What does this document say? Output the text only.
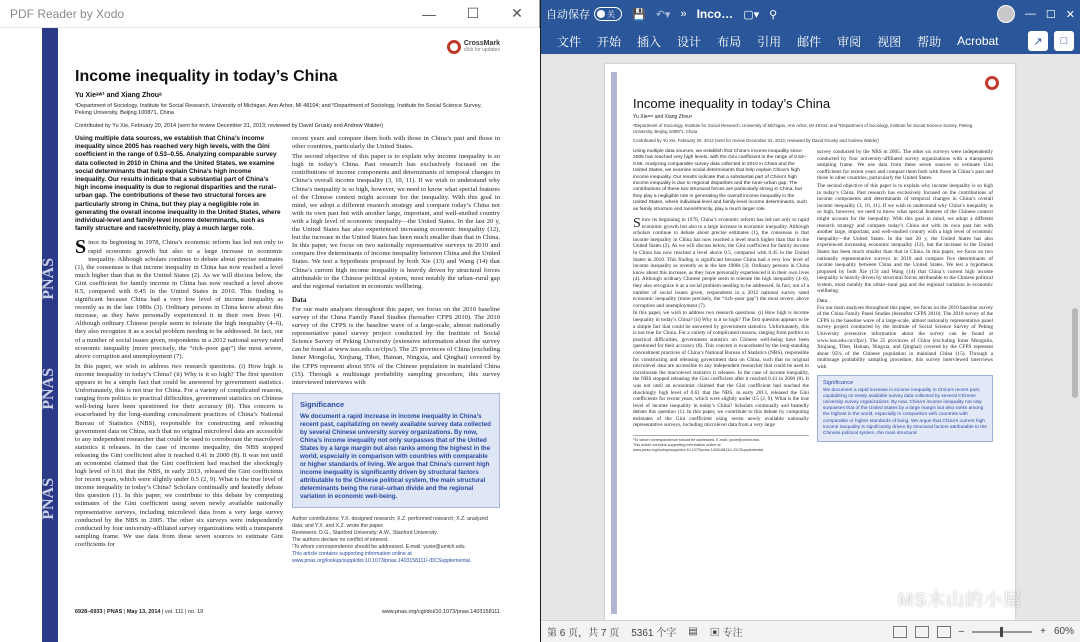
PDF Reader by Xodo	—	☐	✕
PNAS
PNAS
PNAS
CrossMark
click for updates
Income inequality in today’s China
Yu Xieᵃʷ¹ and Xiang Zhouᵃ
ᵃDepartment of Sociology, Institute for Social Research, University of Michigan, Ann Arbor, MI 48104; and ᵇDepartment of Sociology, Institute for Social Science Survey, Peking University, Beijing 100871, China
Contributed by Yu Xie, February 20, 2014 (sent for review December 31, 2013; reviewed by David Grusky and Andrew Walder)
Using multiple data sources, we establish that China’s income inequality since 2005 has reached very high levels, with the Gini coefficient in the range of 0.53–0.55. Analyzing comparable survey data collected in 2010 in China and the United States, we examine social determinants that help explain China’s high income inequality. Our results indicate that a substantial part of China’s high income inequality is due to regional disparities and the rural–urban gap. The contributions of these two structural forces are particularly strong in China, but they play a negligible role in generating the overall income inequality in the United States, where individual-level and family-level income determinants, such as family structure and race/ethnicity, play a much larger role.
Since its beginning in 1978, China’s economic reform has led not only to rapid economic growth but also to a large increase in economic inequality. Although scholars continue to debate about precise estimates (1), the consensus is that income inequality in China has now reached a level much higher than that in the United States (2). As we will discuss below, the Gini coefficient for family income in China has now reached a level above 0.5, compared with 0.45 in the United States in 2010. This finding is significant because China had a very low level of income inequality as recently as in the late 1980s (3). Ordinary persons in China know about this increase, as they have personally experienced it in their own lives (4). Although ordinary Chinese people seem to tolerate the high inequality (4–6), they also recognize it as a social problem needing to be addressed. In fact, out of a number of social issues given, respondents in a 2012 national survey rated economic inequality (more precisely, the “rich–poor gap”) the most severe, above corruption and unemployment (7).
In this paper, we wish to address two research questions. (i) How high is income inequality in today’s China? (ii) Why is it so high? The first question appears to be a simple fact that could be answered by government statistics. Unfortunately, this is not true for China. For a variety of complicated reasons, ranging from politics to practical difficulties, government statistics on Chinese well-being have been questioned for their accuracy (8). This concern is exacerbated by the long-standing concealment practices of China’s National Bureau of Statistics (NBS), responsible for constructing and releasing government data on China, such that no original microlevel data are accessible to any independent researcher that could be used to corroborate the macrolevel statistics it releases. In the case of income inequality, the NBS stopped releasing the Gini coefficient after it reached 0.41 in 2000 (8). It was not until an economist claimed that the Gini coefficient had reached the shockingly high level of 0.61 that the NBS, in early 2013, released the Gini coefficients for recent years, which were slightly under 0.5 (2, 9). What is the true level of income inequality in today’s China? Scholars continually and heatedly debate this question (1). In this paper, we contribute to this debate by computing estimates of the Gini coefficient using seven newly available nationally representative surveys, including microlevel data from a very large survey conducted by the NBS in 2005. The other six surveys were independently conducted by four university-affiliated survey organizations with a transparent sampling frame. We use data from these seven sources to estimate Gini coefficients for
recent years and compare them both with those in China’s past and those in other countries, particularly the United States.
The second objective of this paper is to explain why income inequality is so high in today’s China. Past research has exclusively focused on the contributions of income components and determinants of temporal changes in China’s overall income inequality (3, 10, 11). If we wish to understand why China’s inequality is so high, however, we need to know what special features of the Chinese context might account for the inequality. With this goal in mind, we adopt a different research strategy and compare today’s China not with its own past but with another large, important, and well-studied country with a high level of economic inequality—the United States. In the last 20 y, the United States has also experienced increasing economic inequality (12), but the increase in the United States has been much smaller than that in China. In this paper, we focus on two nationally representative surveys in 2010 and compare five determinants of income inequality between China and the United States. We test a hypothesis proposed by both Xie (13) and Wang (14) that China’s current high income inequality is heavily driven by structural forces attributable to the Chinese political system, most notably the urban–rural gap and the regional variation in economic wellbeing.
Data
For our main analyses throughout this paper, we focus on the 2010 baseline survey of the China Family Panel Studies (hereafter CFPS 2010). The 2010 survey of the CFPS is the baseline wave of a large-scale, almost nationally representative panel survey project conducted by the Institute of Social Science Survey of Peking University (extensive information about the survey can be found at www.isss.edu.cn/cfps/). The 25 provinces of China (excluding Inner Mongolia, Xinjiang, Tibet, Hainan, Ningxia, and Qinghai) covered by the CFPS represent about 95% of the Chinese population in mainland China (15). Through a multistage probability sampling procedure, this survey interviewed interviews with
Significance
We document a rapid increase in income inequality in China’s recent past, capitalizing on newly available survey data collected by several Chinese university survey organizations. By now, China’s income inequality not only surpasses that of the United States by a large margin but also ranks among the highest in the world, especially in comparison with countries with comparable or higher standards of living. We argue that China’s current high income inequality is significantly driven by structural factors attributable to the Chinese political system, the main structural determinants being the rural–urban divide and the regional variation in economic well-being.
Author contributions: Y.X. designed research; X.Z. performed research; X.Z. analyzed data; and Y.X. and X.Z. wrote the paper.
Reviewers: D.G., Stanford University; A.W., Stanford University.
The authors declare no conflict of interest.
¹To whom correspondence should be addressed. E-mail: yuxie@umich.edu.
This article contains supporting information online at www.pnas.org/lookup/suppl/doi:10.1073/pnas.1403158111/-/DCSupplemental.
6928–6933 | PNAS | May 13, 2014 | vol. 111 | no. 19	www.pnas.org/cgi/doi/10.1073/pnas.1403158111
自动保存 关	💾 ↶▾ » Inco… ▢▾ ⚲	— ☐ ✕
文件	开始	插入	设计	布局	引用	邮件	审阅	视图	帮助	Acrobat	↗	□
Income inequality in today’s China
Yu Xieᵃʷ¹ and Xiang Zhouᵃ
ᵃDepartment of Sociology, Institute for Social Research, University of Michigan, Ann Arbor, MI 48104; and ᵇDepartment of Sociology, Institute for Social Science Survey, Peking University, Beijing 100871, China
Contributed by Yu Xie, February 20, 2014 (sent for review December 31, 2013; reviewed by David Grusky and Andrew Walder)
Using multiple data sources, we establish that China’s income inequality since 2005 has reached very high levels, with the Gini coefficient in the range of 0.53–0.55. Analyzing comparable survey data collected in 2010 in China and the United States, we examine social determinants that help explain China’s high income inequality. Our results indicate that a substantial part of China’s high income inequality is due to regional disparities and the rural–urban gap. The contributions of these two structural forces are particularly strong in China, but they play a negligible role in generating the overall income inequality in the United States, where individual-level and family-level income determinants, such as family structure and race/ethnicity, play a much larger role.
Since its beginning in 1978, China’s economic reform has led not only to rapid economic growth but also to a large increase in economic inequality. Although scholars continue to debate about precise estimates (1), the consensus is that income inequality in China has now reached a level much higher than that in the United States (2). As we will discuss below, the Gini coefficient for family income in China has now reached a level above 0.5, compared with 0.45 in the United States in 2010. This finding is significant because China had a very low level of income inequality as recently as in the late 1980s (3). Ordinary persons in China know about this increase, as they have personally experienced it in their own lives (4). Although ordinary Chinese people seem to tolerate the high inequality (4–6), they also recognize it as a social problem needing to be addressed. In fact, out of a number of social issues given, respondents in a 2012 national survey rated economic inequality (more precisely, the “rich–poor gap”) the most severe, above corruption and unemployment (7).
In this paper, we wish to address two research questions. (i) How high is income inequality in today’s China? (ii) Why is it so high? The first question appears to be a simple fact that could be answered by government statistics. Unfortunately, this is not true for China. For a variety of complicated reasons, ranging from politics to practical difficulties, government statistics on Chinese well-being have been questioned for their accuracy (8). This concern is exacerbated by the long-standing concealment practices of China’s National Bureau of Statistics (NBS), responsible for constructing and releasing government data on China, such that no original microlevel data are accessible to any independent researcher that could be used to corroborate the macrolevel statistics it releases. In the case of income inequality, the NBS stopped releasing the Gini coefficient after it reached 0.41 in 2000 (8). It was not until an economist claimed that the Gini coefficient had reached the shockingly high level of 0.61 that the NBS, in early 2013, released the Gini coefficients for recent years, which were slightly under 0.5 (2, 9). What is the true level of income inequality in today’s China? Scholars continually and heatedly debate this question (1). In this paper, we contribute to this debate by computing estimates of the Gini coefficient using seven newly available nationally representative surveys, including microlevel data from a very large
¹To whom correspondence should be addressed. E-mail: yuxie@umich.edu.
This article contains supporting information online at www.pnas.org/lookup/suppl/doi:10.1073/pnas.1403158111/-/DCSupplemental.
survey conducted by the NBS in 2005. The other six surveys were independently conducted by four university-affiliated survey organizations with a transparent sampling frame. We use data from these seven sources to estimate Gini coefficients for recent years and compare them both with those in China’s past and those in other countries, particularly the United States.
The second objective of this paper is to explain why income inequality is so high in today’s China. Past research has exclusively focused on the contributions of income components and determinants of temporal changes in China’s overall income inequality (3, 10, 11). If we wish to understand why China’s inequality is so high, however, we need to know what special features of the Chinese context might account for the inequality. With this goal in mind, we adopt a different research strategy and compare today’s China not with its own past but with another large, important, and well-studied country with a high level of economic inequality—the United States. In the last 20 y, the United States has also experienced increasing economic inequality (12), but the increase in the United States has been much smaller than that in China. In this paper, we focus on two nationally representative surveys in 2010 and compare five determinants of income inequality between China and the United States. We test a hypothesis proposed by both Xie (13) and Wang (14) that China’s current high income inequality is heavily driven by structural forces attributable to the Chinese political system, most notably the urban–rural gap and the regional variation in economic wellbeing.
Data
For our main analyses throughout this paper, we focus on the 2010 baseline survey of the China Family Panel Studies (hereafter CFPS 2010). The 2010 survey of the CFPS is the baseline wave of a large-scale, almost nationally representative panel survey project conducted by the Institute of Social Science Survey of Peking University (extensive information about the survey can be found at www.isss.edu.cn/cfps/). The 25 provinces of China (excluding Inner Mongolia, Xinjiang, Tibet, Hainan, Ningxia, and Qinghai) covered by the CFPS represent about 95% of the Chinese population in mainland China (15). Through a multistage probability sampling procedure, this survey interviewed interviews with
Significance
We document a rapid increase in income inequality in China’s recent past, capitalizing on newly available survey data collected by several Chinese university survey organizations. By now, China’s income inequality not only surpasses that of the United States by a large margin but also ranks among the highest in the world, especially in comparison with countries with comparable or higher standards of living. We argue that China’s current high income inequality is significantly driven by structural factors attributable to the Chinese political system, the main structural
第 6 页，共 7 页 5361 个字 ▤ ▣ 专注	–	+ 60%
MS木山的小屋
